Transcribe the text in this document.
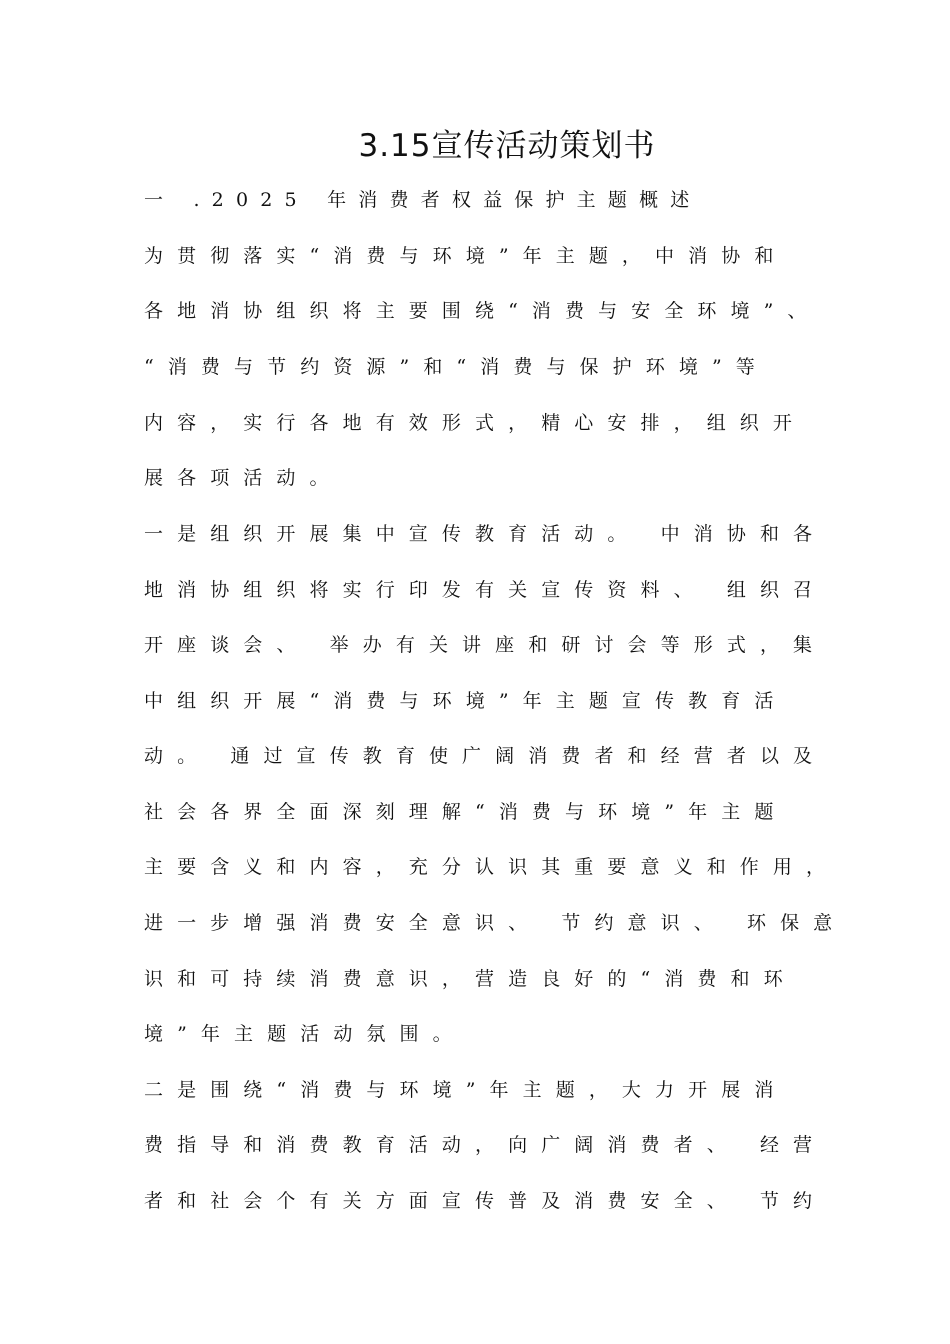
3.15宣传活动策划书
一 .2025 年消费者权益保护主题概述
为贯彻落实“消费与环境”年主题，中消协和
各地消协组织将主要围绕“消费与安全环境”、
“消费与节约资源”和“消费与保护环境”等
内容，实行各地有效形式，精心安排，组织开
展各项活动。
一是组织开展集中宣传教育活动。 中消协和各
地消协组织将实行印发有关宣传资料、 组织召
开座谈会、 举办有关讲座和研讨会等形式，集
中组织开展“消费与环境”年主题宣传教育活
动。 通过宣传教育使广阔消费者和经营者以及
社会各界全面深刻理解“消费与环境”年主题
主要含义和内容，充分认识其重要意义和作用，
进一步增强消费安全意识、 节约意识、 环保意
识和可持续消费意识，营造良好的“消费和环
境”年主题活动氛围。
二是围绕“消费与环境”年主题，大力开展消
费指导和消费教育活动，向广阔消费者、 经营
者和社会个有关方面宣传普及消费安全、 节约
